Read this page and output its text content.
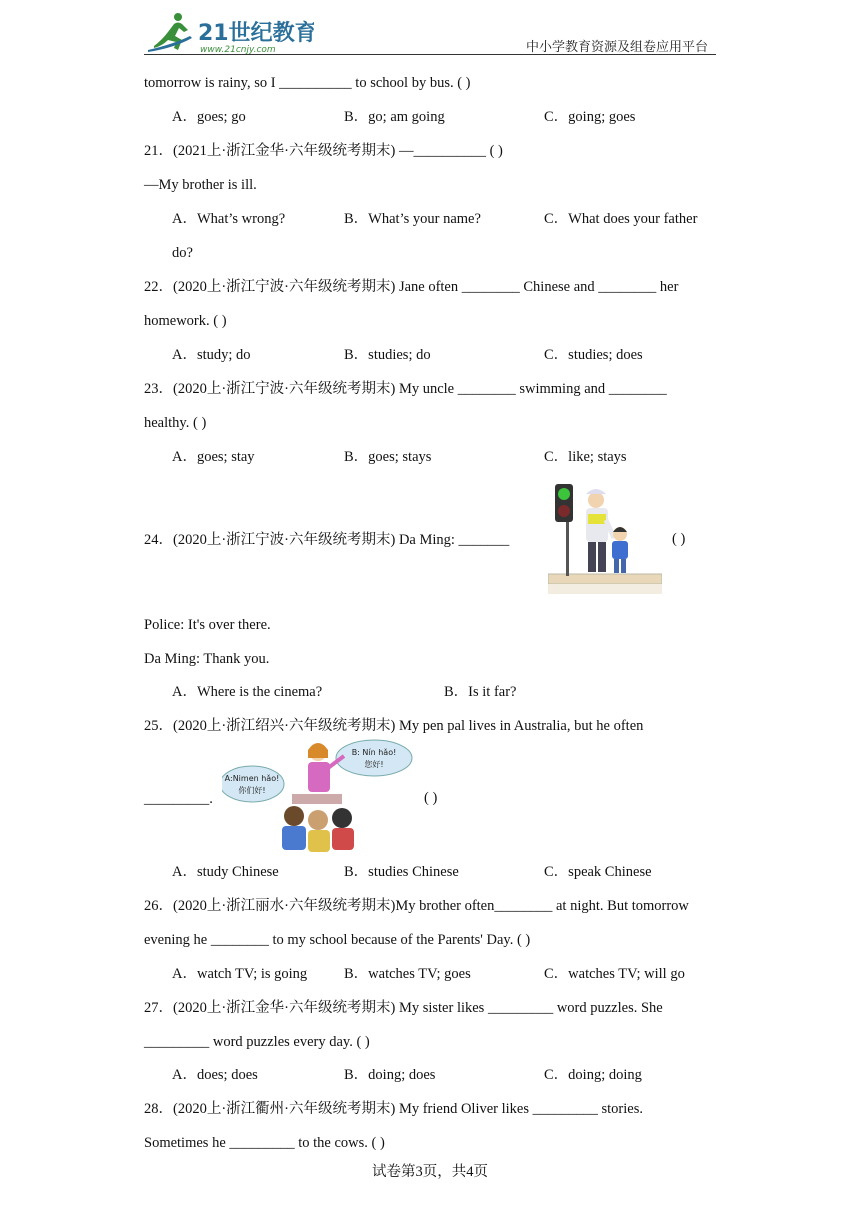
21世纪教育
www.21cnjy.com	中小学教育资源及组卷应用平台
tomorrow is rainy, so I __________ to school by bus. ( )
A．goes; go	B．go; am going	C．going; goes
21．(2021上·浙江金华·六年级统考期末) —__________ ( )
—My brother is ill.
A．What’s wrong?	B．What’s your name?	C．What does your father
do?
22．(2020上·浙江宁波·六年级统考期末) Jane often ________ Chinese and ________ her
homework. ( )
A．study; do	B．studies; do	C．studies; does
23．(2020上·浙江宁波·六年级统考期末) My uncle ________ swimming and ________
healthy. ( )
A．goes; stay	B．goes; stays	C．like; stays
24．(2020上·浙江宁波·六年级统考期末) Da Ming: _______	( )
Police: It's over there.
Da Ming: Thank you.
A．Where is the cinema?	B．Is it far?
25．(2020上·浙江绍兴·六年级统考期末) My pen pal lives in Australia, but he often
_________.
A:Nimen hǎo!
你们好!
B: Nín hǎo!
您好!
( )
A．study Chinese	B．studies Chinese	C．speak Chinese
26．(2020上·浙江丽水·六年级统考期末)My brother often________ at night. But tomorrow
evening he ________ to my school because of the Parents' Day. ( )
A．watch TV; is going	B．watches TV; goes	C．watches TV; will go
27．(2020上·浙江金华·六年级统考期末) My sister likes _________ word puzzles. She
_________ word puzzles every day. ( )
A．does; does	B．doing; does	C．doing; doing
28．(2020上·浙江衢州·六年级统考期末) My friend Oliver likes _________ stories.
Sometimes he _________ to the cows. ( )
试卷第3页，共4页
